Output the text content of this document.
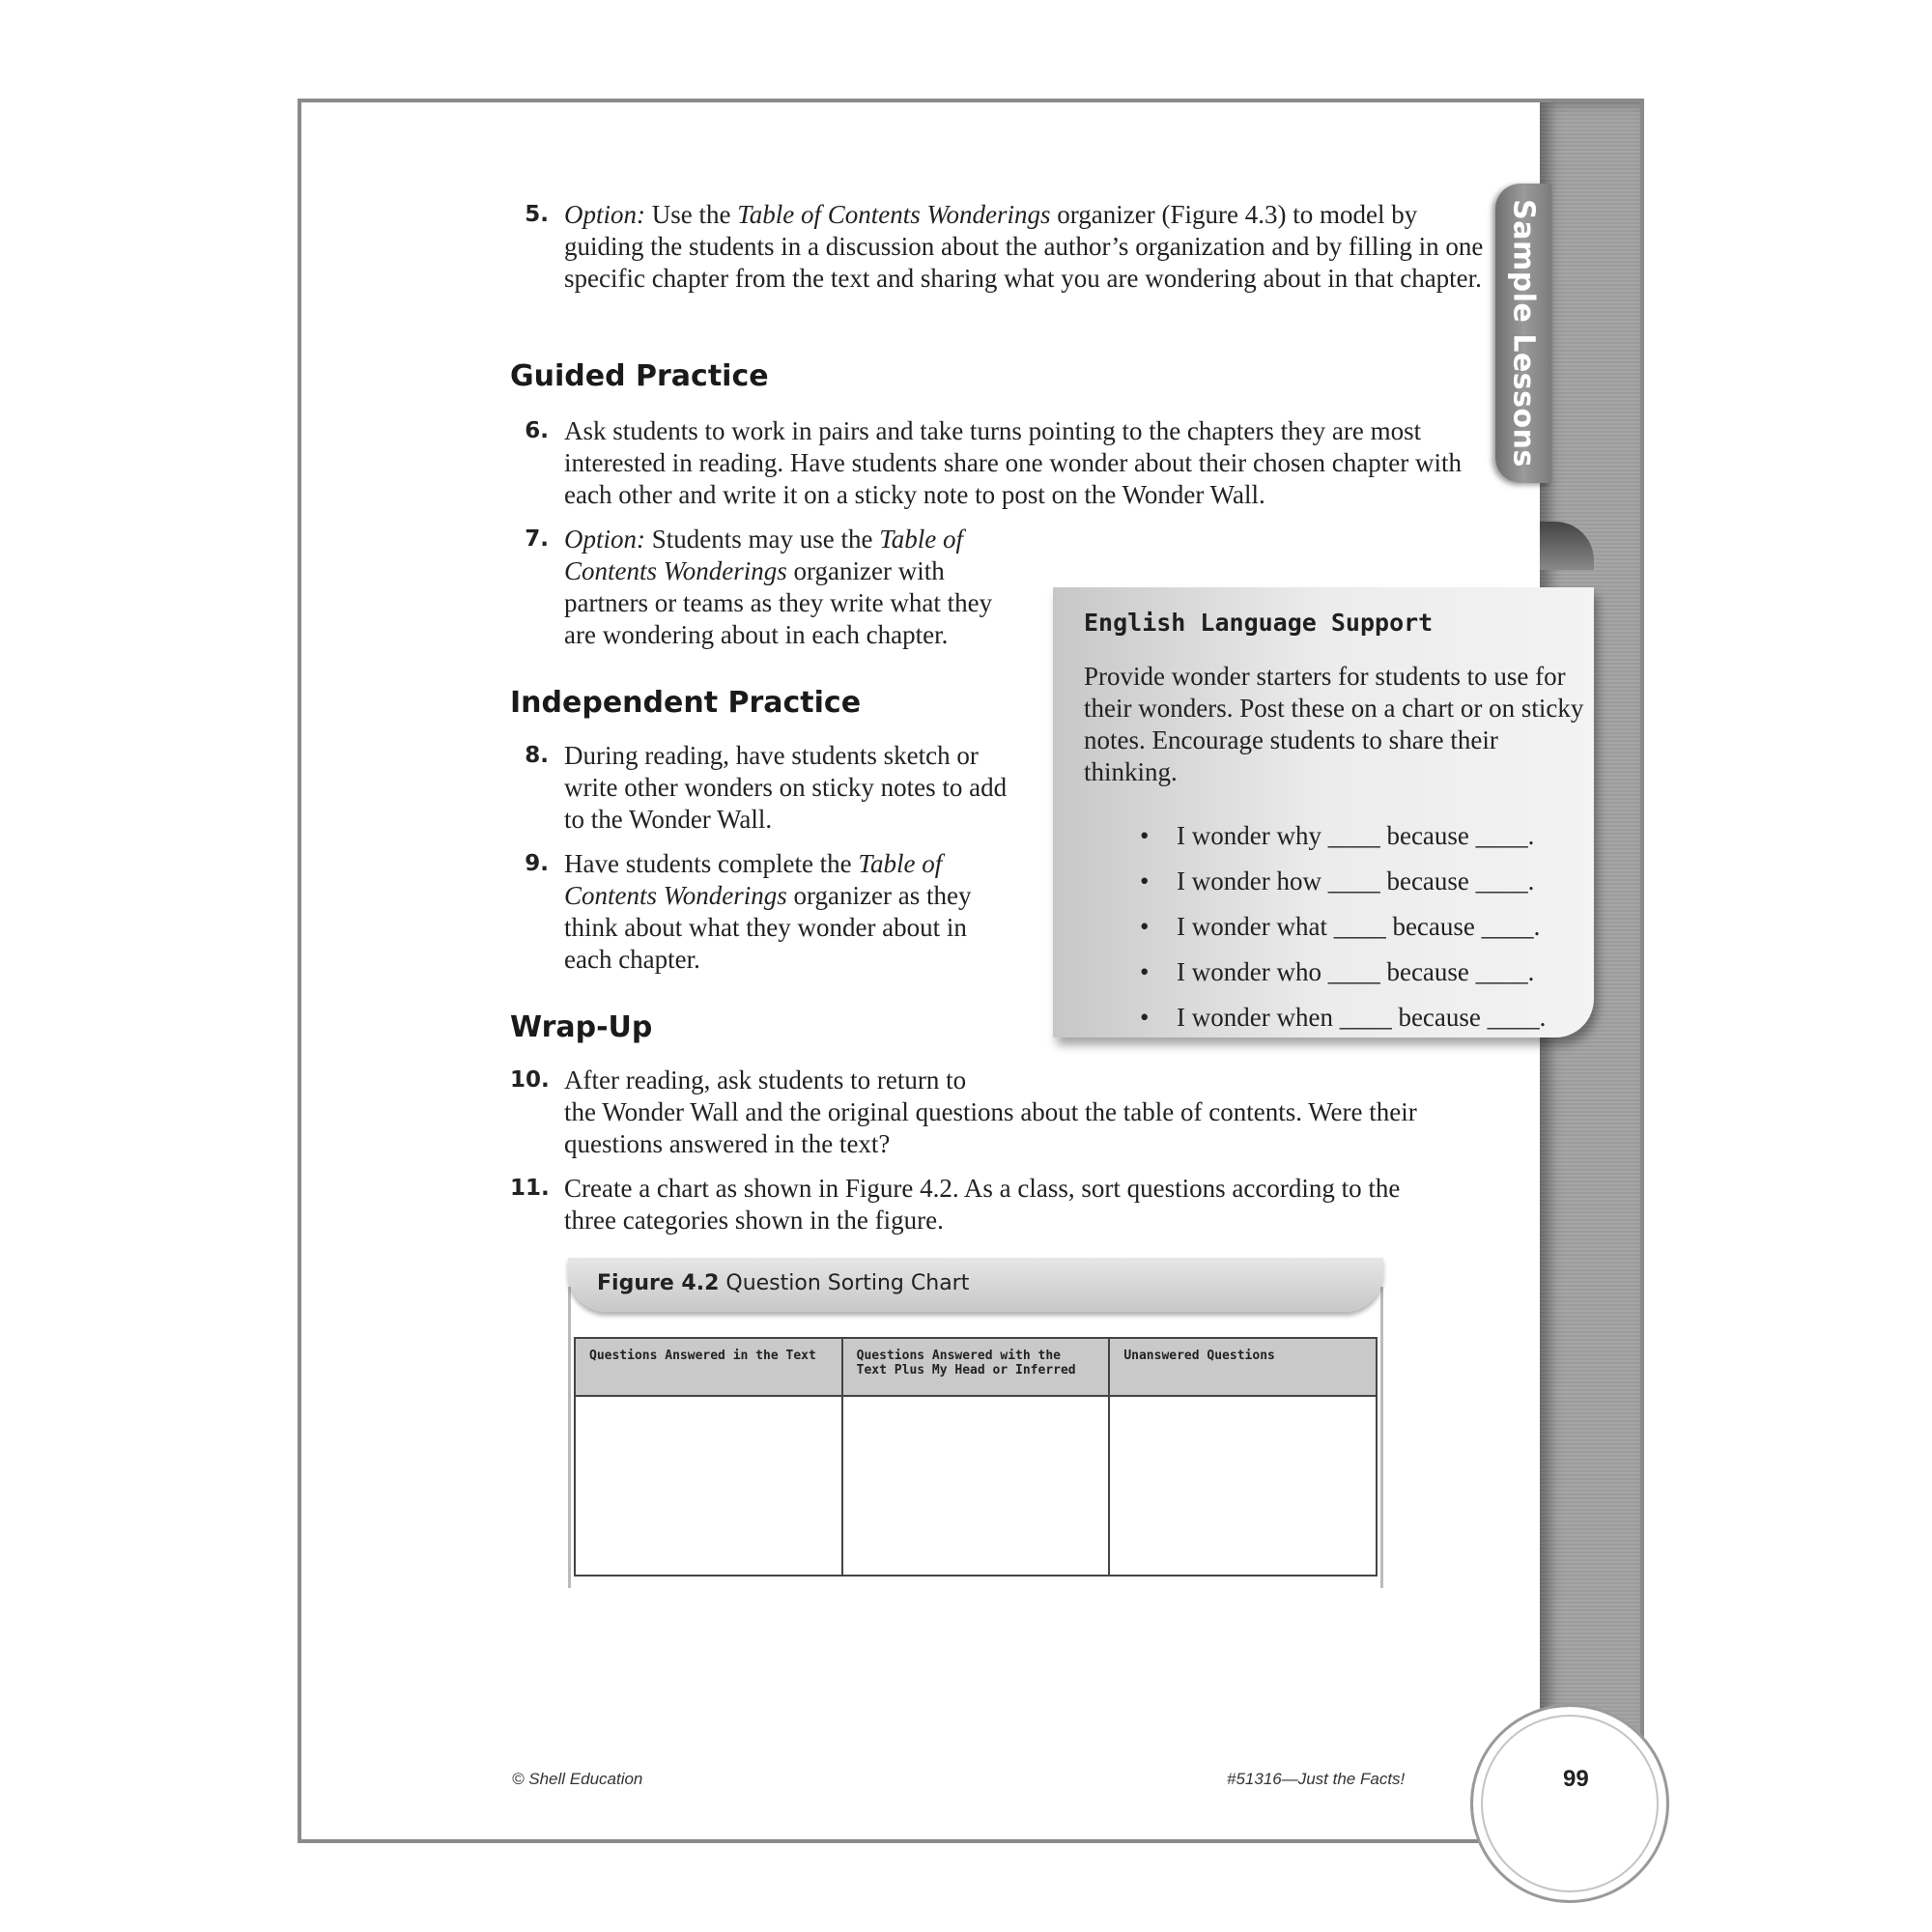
Sample Lessons
5. Option: Use the Table of Contents Wonderings organizer (Figure 4.3) to model by guiding the students in a discussion about the author’s organization and by filling in one specific chapter from the text and sharing what you are wondering about in that chapter.
Guided Practice
6. Ask students to work in pairs and take turns pointing to the chapters they are most interested in reading. Have students share one wonder about their chosen chapter with each other and write it on a sticky note to post on the Wonder Wall.
7. Option: Students may use the Table of Contents Wonderings organizer with partners or teams as they write what they are wondering about in each chapter.
Independent Practice
8. During reading, have students sketch or write other wonders on sticky notes to add to the Wonder Wall.
9. Have students complete the Table of Contents Wonderings organizer as they think about what they wonder about in each chapter.
Wrap-Up
10. After reading, ask students to return to
the Wonder Wall and the original questions about the table of contents. Were their questions answered in the text?
11. Create a chart as shown in Figure 4.2. As a class, sort questions according to the three categories shown in the figure.
English Language Support
Provide wonder starters for students to use for their wonders. Post these on a chart or on sticky notes. Encourage students to share their thinking.
• I wonder why ____ because ____.
• I wonder how ____ because ____.
• I wonder what ____ because ____.
• I wonder who ____ because ____.
• I wonder when ____ because ____.
Figure 4.2 Question Sorting Chart
Questions Answered in the Text	Questions Answered with the Text Plus My Head or Inferred	Unanswered Questions

© Shell Education	#51316—Just the Facts!	99
